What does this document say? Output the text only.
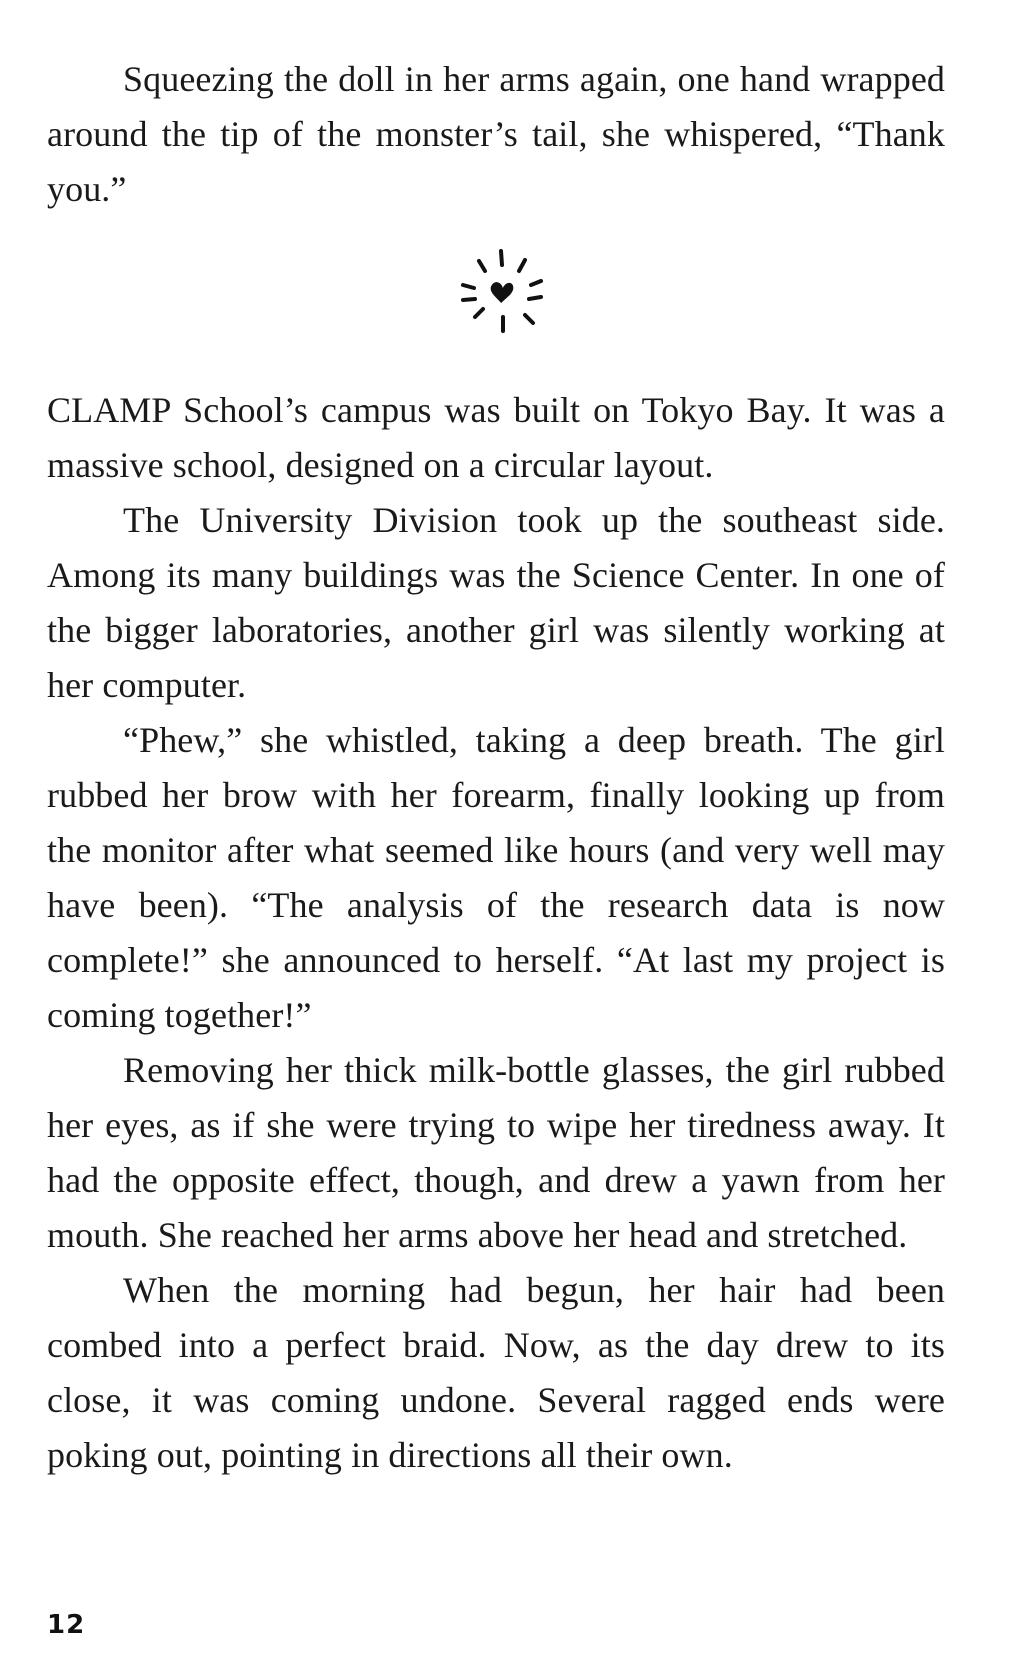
Squeezing the doll in her arms again, one hand wrapped around the tip of the monster’s tail, she whispered, “Thank you.”

CLAMP School’s campus was built on Tokyo Bay. It was a massive school, designed on a circular layout.

The University Division took up the southeast side. Among its many buildings was the Science Center. In one of the bigger laboratories, another girl was silently working at her computer.

“Phew,” she whistled, taking a deep breath. The girl rubbed her brow with her forearm, finally looking up from the monitor after what seemed like hours (and very well may have been). “The analysis of the research data is now complete!” she announced to herself. “At last my project is coming together!”

Removing her thick milk-bottle glasses, the girl rubbed her eyes, as if she were trying to wipe her tiredness away. It had the opposite effect, though, and drew a yawn from her mouth. She reached her arms above her head and stretched.

When the morning had begun, her hair had been combed into a perfect braid. Now, as the day drew to its close, it was coming undone. Several ragged ends were poking out, pointing in directions all their own.

12
